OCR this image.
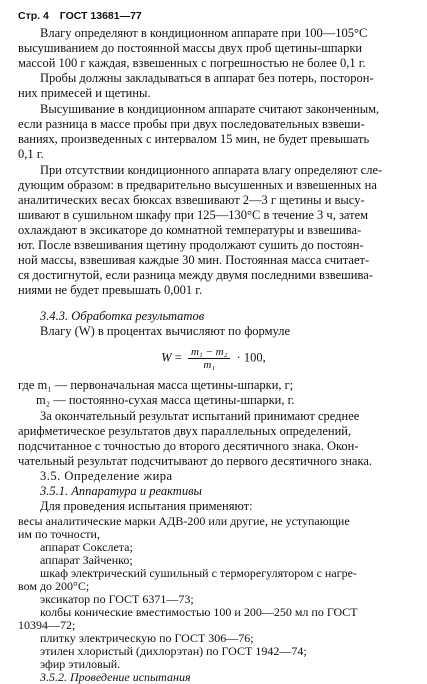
Стр. 4 ГОСТ 13681—77
Влагу определяют в кондиционном аппарате при 100—105°С
высушиванием до постоянной массы двух проб щетины-шпарки
массой 100 г каждая, взвешенных с погрешностью не более 0,1 г.
Пробы должны закладываться в аппарат без потерь, посторон-
них примесей и щетины.
Высушивание в кондиционном аппарате считают законченным,
если разница в массе пробы при двух последовательных взвеши-
ваниях, произведенных с интервалом 15 мин, не будет превышать
0,1 г.
При отсутствии кондиционного аппарата влагу определяют сле-
дующим образом: в предварительно высушенных и взвешенных на
аналитических весах бюксах взвешивают 2—3 г щетины и высу-
шивают в сушильном шкафу при 125—130°С в течение 3 ч, затем
охлаждают в эксикаторе до комнатной температуры и взвешива-
ют. После взвешивания щетину продолжают сушить до постоян-
ной массы, взвешивая каждые 30 мин. Постоянная масса считает-
ся достигнутой, если разница между двумя последними взвешива-
ниями не будет превышать 0,001 г.
3.4.3. Обработка результатов
Влагу (W) в процентах вычисляют по формуле
$W = \frac{\text{m₁ − m₂}}{\text{m₁}} \cdot 100$,
где m₁ — первоначальная масса щетины-шпарки, г;
m₂ — постоянно-сухая масса щетины-шпарки, г.
За окончательный результат испытаний принимают среднее
арифметическое результатов двух параллельных определений,
подсчитанное с точностью до второго десятичного знака. Окон-
чательный результат подсчитывают до первого десятичного знака.
3.5. Определение жира
3.5.1. Аппаратура и реактивы
Для проведения испытания применяют:
весы аналитические марки АДВ-200 или другие, не уступающие
им по точности,
аппарат Сокслета;
аппарат Зайченко;
шкаф электрический сушильный с терморегулятором с нагре-
вом до 200°С;
эксикатор по ГОСТ 6371—73;
колбы конические вместимостью 100 и 200—250 мл по ГОСТ
10394—72;
плитку электрическую по ГОСТ 306—76;
этилен хлористый (дихлорэтан) по ГОСТ 1942—74;
эфир этиловый.
3.5.2. Проведение испытания
